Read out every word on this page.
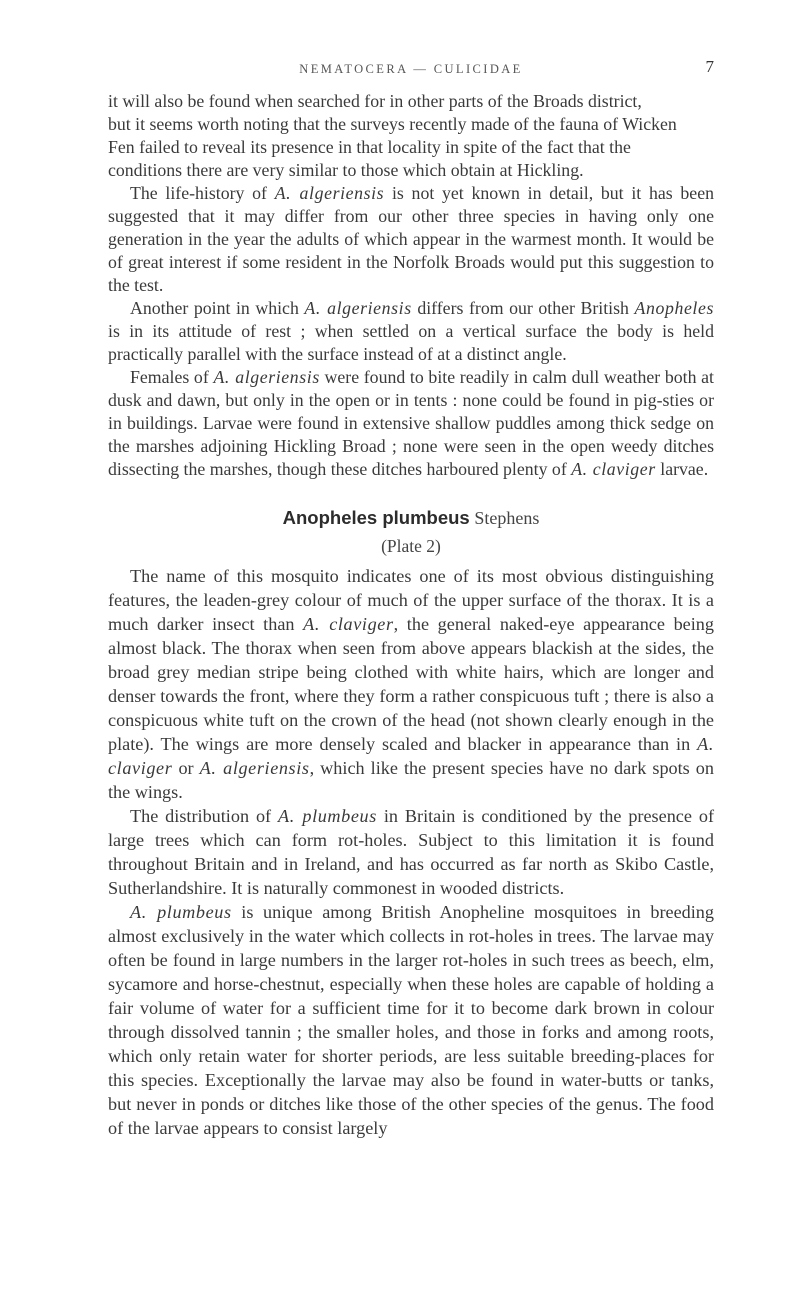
NEMATOCERA — CULICIDAE	7

it will also be found when searched for in other parts of the Broads district,
but it seems worth noting that the surveys recently made of the fauna of Wicken
Fen failed to reveal its presence in that locality in spite of the fact that the
conditions there are very similar to those which obtain at Hickling.

The life-history of A. algeriensis is not yet known in detail, but it has been suggested that it may differ from our other three species in having only one generation in the year the adults of which appear in the warmest month. It would be of great interest if some resident in the Norfolk Broads would put this suggestion to the test.

Another point in which A. algeriensis differs from our other British Anopheles is in its attitude of rest ; when settled on a vertical surface the body is held practically parallel with the surface instead of at a distinct angle.

Females of A. algeriensis were found to bite readily in calm dull weather both at dusk and dawn, but only in the open or in tents : none could be found in pig-sties or in buildings. Larvae were found in extensive shallow puddles among thick sedge on the marshes adjoining Hickling Broad ; none were seen in the open weedy ditches dissecting the marshes, though these ditches harboured plenty of A. claviger larvae.

Anopheles plumbeus Stephens
(Plate 2)

The name of this mosquito indicates one of its most obvious distinguishing features, the leaden-grey colour of much of the upper surface of the thorax. It is a much darker insect than A. claviger, the general naked-eye appearance being almost black. The thorax when seen from above appears blackish at the sides, the broad grey median stripe being clothed with white hairs, which are longer and denser towards the front, where they form a rather conspicuous tuft ; there is also a conspicuous white tuft on the crown of the head (not shown clearly enough in the plate). The wings are more densely scaled and blacker in appearance than in A. claviger or A. algeriensis, which like the present species have no dark spots on the wings.

The distribution of A. plumbeus in Britain is conditioned by the presence of large trees which can form rot-holes. Subject to this limitation it is found throughout Britain and in Ireland, and has occurred as far north as Skibo Castle, Sutherlandshire. It is naturally commonest in wooded districts.

A. plumbeus is unique among British Anopheline mosquitoes in breeding almost exclusively in the water which collects in rot-holes in trees. The larvae may often be found in large numbers in the larger rot-holes in such trees as beech, elm, sycamore and horse-chestnut, especially when these holes are capable of holding a fair volume of water for a sufficient time for it to become dark brown in colour through dissolved tannin ; the smaller holes, and those in forks and among roots, which only retain water for shorter periods, are less suitable breeding-places for this species. Exceptionally the larvae may also be found in water-butts or tanks, but never in ponds or ditches like those of the other species of the genus. The food of the larvae appears to consist largely
